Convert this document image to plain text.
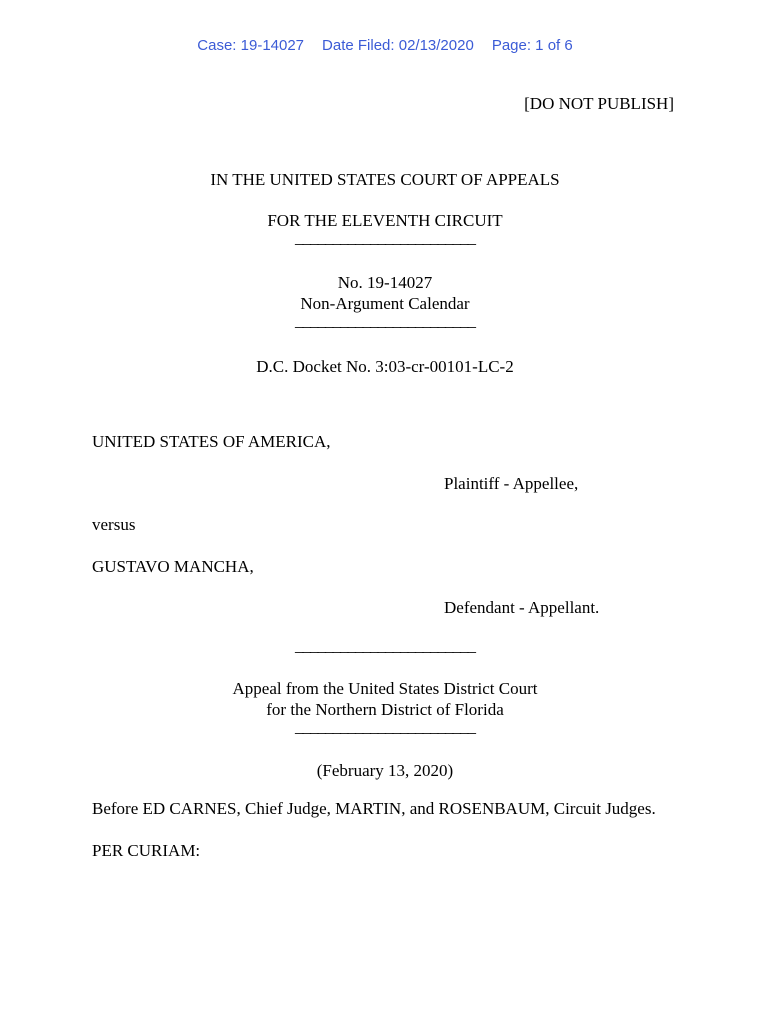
Case: 19-14027 Date Filed: 02/13/2020 Page: 1 of 6
[DO NOT PUBLISH]
IN THE UNITED STATES COURT OF APPEALS
FOR THE ELEVENTH CIRCUIT
________________________
No. 19-14027
Non-Argument Calendar
________________________
D.C. Docket No. 3:03-cr-00101-LC-2
UNITED STATES OF AMERICA,
Plaintiff - Appellee,
versus
GUSTAVO MANCHA,
Defendant - Appellant.
________________________
Appeal from the United States District Court
for the Northern District of Florida
________________________
(February 13, 2020)
Before ED CARNES, Chief Judge, MARTIN, and ROSENBAUM, Circuit Judges.
PER CURIAM:
